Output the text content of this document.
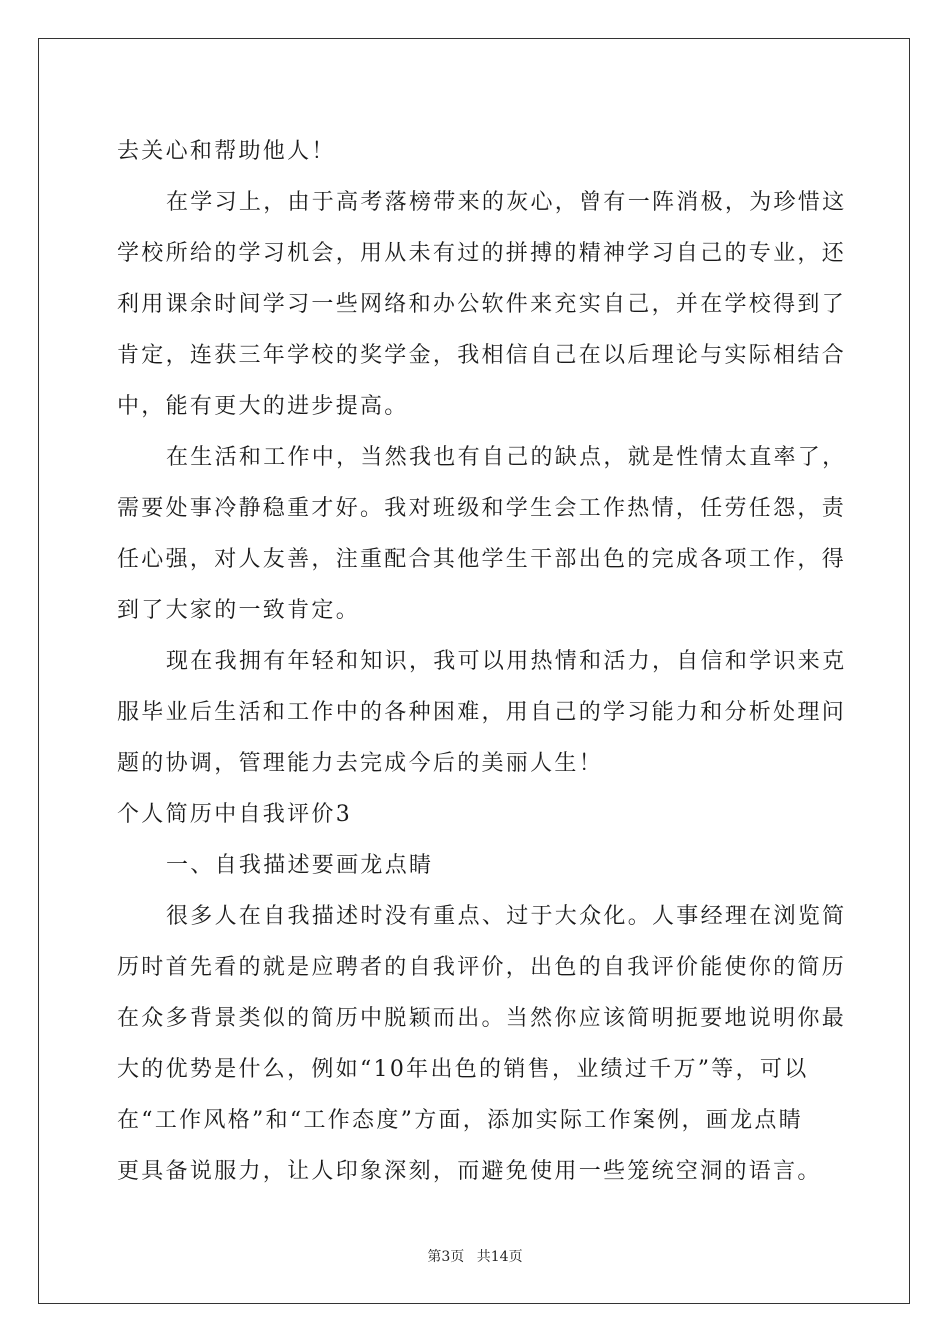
去关心和帮助他人！
在学习上，由于高考落榜带来的灰心，曾有一阵消极，为珍惜这
学校所给的学习机会，用从未有过的拼搏的精神学习自己的专业，还
利用课余时间学习一些网络和办公软件来充实自己，并在学校得到了
肯定，连获三年学校的奖学金，我相信自己在以后理论与实际相结合
中，能有更大的进步提高。
在生活和工作中，当然我也有自己的缺点，就是性情太直率了，
需要处事冷静稳重才好。我对班级和学生会工作热情，任劳任怨，责
任心强，对人友善，注重配合其他学生干部出色的完成各项工作，得
到了大家的一致肯定。
现在我拥有年轻和知识，我可以用热情和活力，自信和学识来克
服毕业后生活和工作中的各种困难，用自己的学习能力和分析处理问
题的协调，管理能力去完成今后的美丽人生！
个人简历中自我评价3
一、自我描述要画龙点睛
很多人在自我描述时没有重点、过于大众化。人事经理在浏览简
历时首先看的就是应聘者的自我评价，出色的自我评价能使你的简历
在众多背景类似的简历中脱颖而出。当然你应该简明扼要地说明你最
大的优势是什么，例如“10年出色的销售，业绩过千万”等，可以
在“工作风格”和“工作态度”方面，添加实际工作案例，画龙点睛
更具备说服力，让人印象深刻，而避免使用一些笼统空洞的语言。
第3页 共14页
